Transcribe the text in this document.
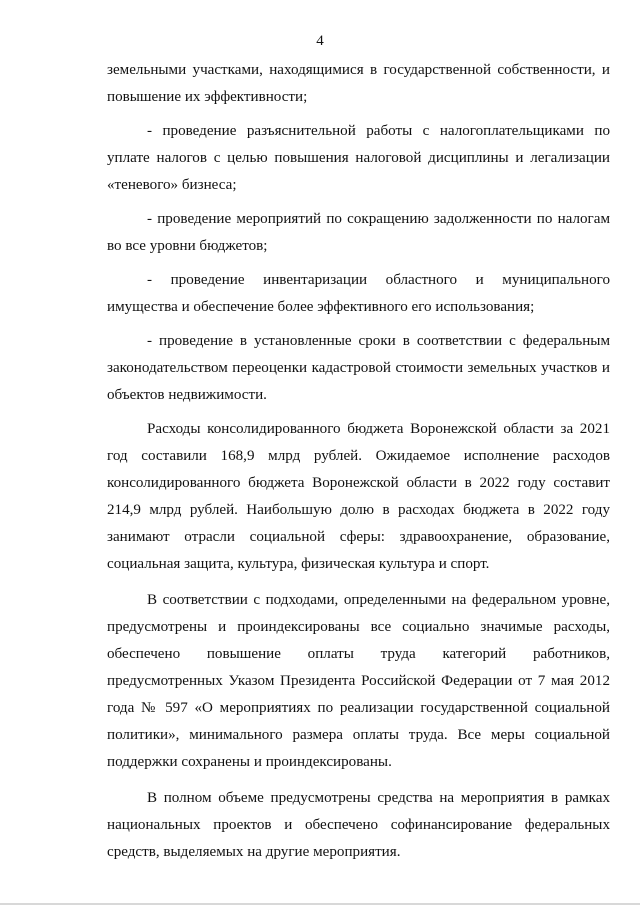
4

земельными участками, находящимися в государственной собственности, и повышение их эффективности;

- проведение разъяснительной работы с налогоплательщиками по уплате налогов с целью повышения налоговой дисциплины и легализации «теневого» бизнеса;

- проведение мероприятий по сокращению задолженности по налогам во все уровни бюджетов;

- проведение инвентаризации областного и муниципального имущества и обеспечение более эффективного его использования;

- проведение в установленные сроки в соответствии с федеральным законодательством переоценки кадастровой стоимости земельных участков и объектов недвижимости.

Расходы консолидированного бюджета Воронежской области за 2021 год составили 168,9 млрд рублей. Ожидаемое исполнение расходов консолидированного бюджета Воронежской области в 2022 году составит 214,9 млрд рублей. Наибольшую долю в расходах бюджета в 2022 году занимают отрасли социальной сферы: здравоохранение, образование, социальная защита, культура, физическая культура и спорт.

В соответствии с подходами, определенными на федеральном уровне, предусмотрены и проиндексированы все социально значимые расходы, обеспечено повышение оплаты труда категорий работников, предусмотренных Указом Президента Российской Федерации от 7 мая 2012 года № 597 «О мероприятиях по реализации государственной социальной политики», минимального размера оплаты труда. Все меры социальной поддержки сохранены и проиндексированы.

В полном объеме предусмотрены средства на мероприятия в рамках национальных проектов и обеспечено софинансирование федеральных средств, выделяемых на другие мероприятия.
